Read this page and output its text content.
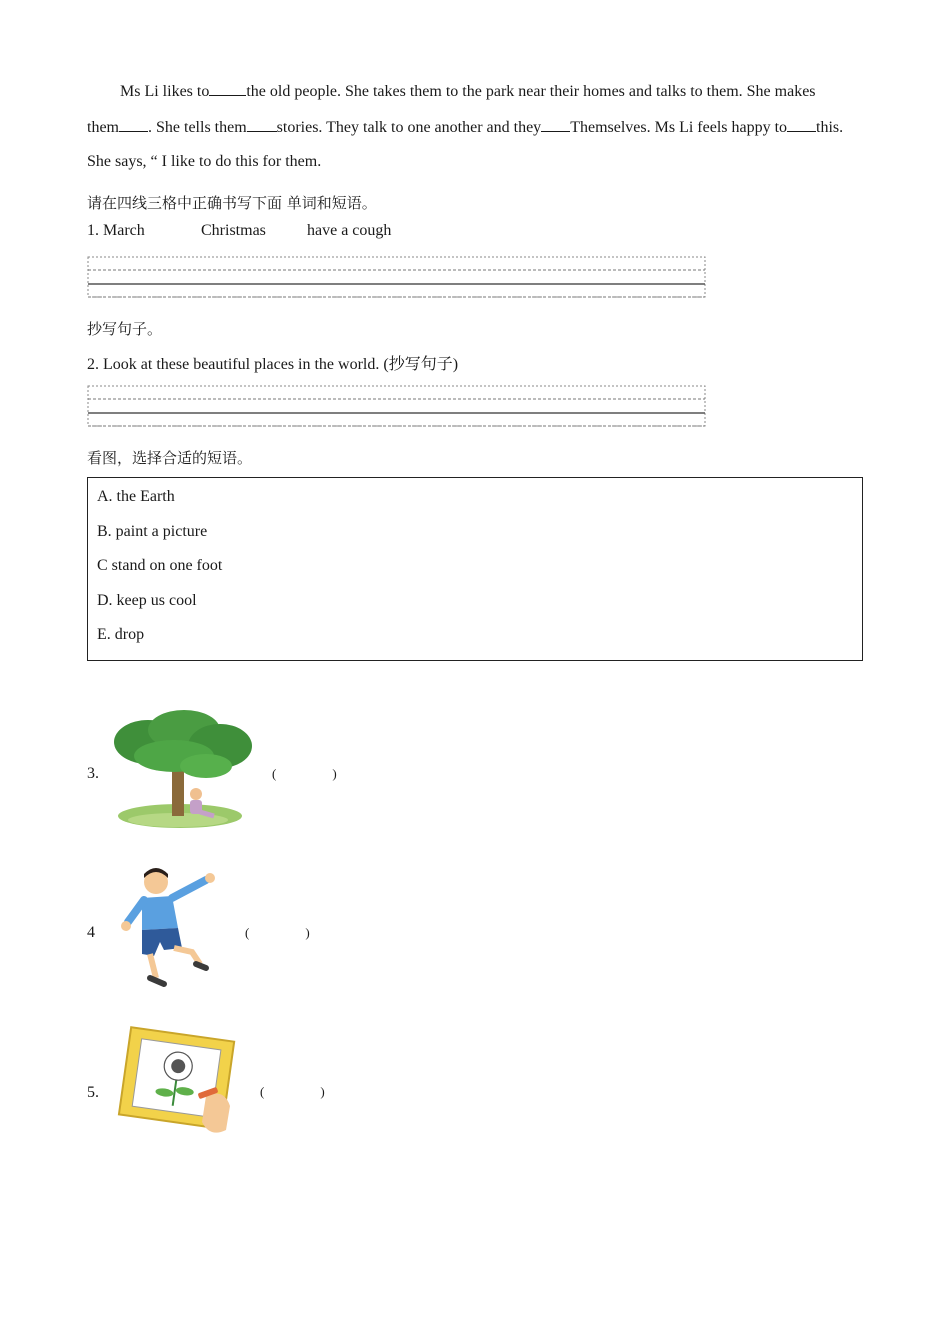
Ms Li likes to the old people. She takes them to the park near their homes and talks to them. She makes
them . She tells them stories. They talk to one another and they Themselves. Ms Li feels happy to this.
She says, “ I like to do this for them.
请在四线三格中正确书写下面 单词和短语。
1. March	Christmas	have a cough
抄写句子。
2. Look at these beautiful places in the world. (抄写句子)
看图，选择合适的短语。
A. the Earth
B. paint a picture
C stand on one foot
D. keep us cool
E. drop
3.	(	)
4	(	)
5.	(	)
